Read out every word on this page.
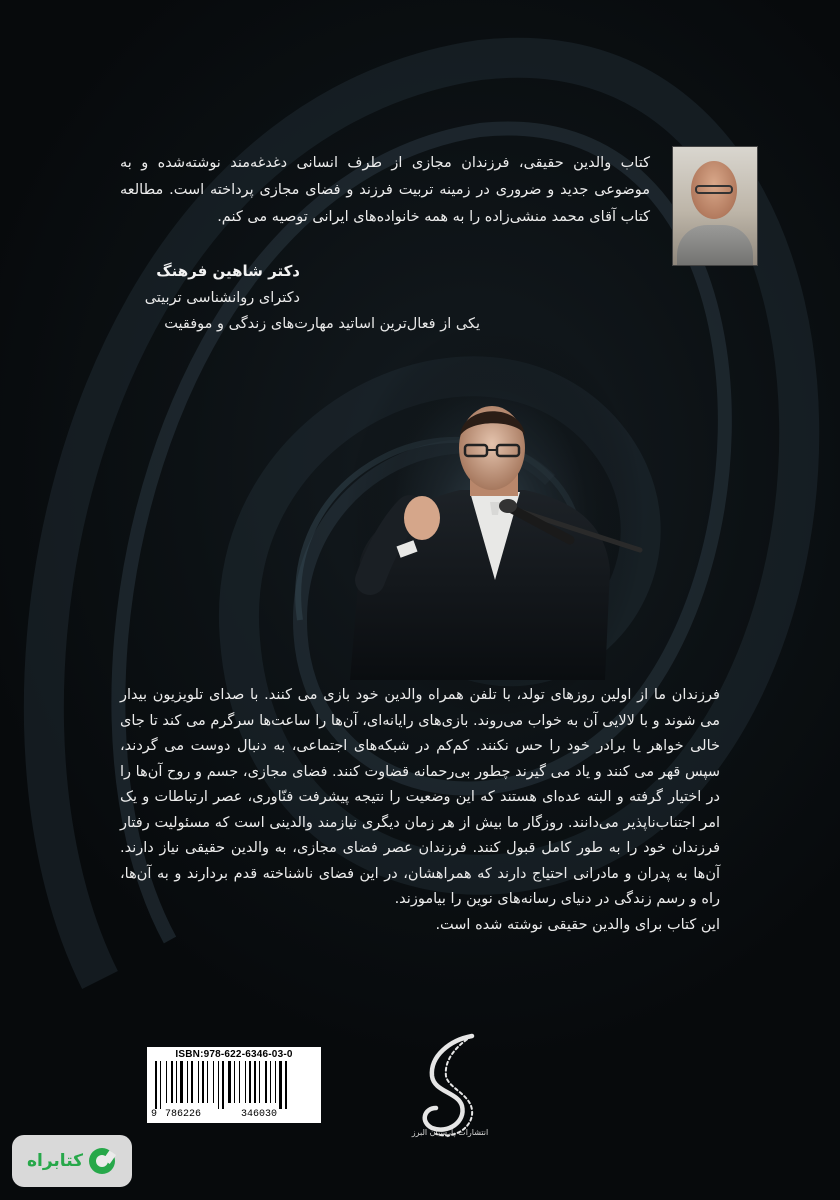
کتاب والدین حقیقی، فرزندان مجازی از طرف انسانی دغدغه‌مند نوشته‌شده و به موضوعی جدید و ضروری در زمینه تربیت فرزند و فضای مجازی پرداخته است. مطالعه کتاب آقای محمد منشی‌زاده را به همه خانواده‌های ایرانی توصیه می کنم.
دکتر شاهین فرهنگ
دکترای روانشناسی تربیتی
یکی از فعال‌ترین اساتید مهارت‌های زندگی و موفقیت

فرزندان ما از اولین روزهای تولد، با تلفن همراه والدین خود بازی می کنند. با صدای تلویزیون بیدار می شوند و با لالایی آن به خواب می‌روند. بازی‌های رایانه‌ای، آن‌ها را ساعت‌ها سرگرم می کند تا جای خالی خواهر یا برادر خود را حس نکنند. کم‌کم در شبکه‌های اجتماعی، به دنبال دوست می گردند، سپس قهر می کنند و یاد می گیرند چطور بی‌رحمانه قضاوت کنند. فضای مجازی، جسم و روح آن‌ها را در اختیار گرفته و البته عده‌ای هستند که این وضعیت را نتیجه پیشرفت فنّاوری، عصر ارتباطات و یک امر اجتناب‌ناپذیر می‌دانند. روزگار ما بیش از هر زمان دیگری نیازمند والدینی است که مسئولیت رفتار فرزندان خود را به طور کامل قبول کنند. فرزندان عصر فضای مجازی، به والدین حقیقی نیاز دارند. آن‌ها به پدران و مادرانی احتیاج دارند که همراهشان، در این فضای ناشناخته قدم بردارند و به آن‌ها، راه و رسم زندگی در دنیای رسانه‌های نوین را بیاموزند.

این کتاب برای والدین حقیقی نوشته شده است.

ISBN:978-622-6346-03-0
9 786226	346030
انتشارات پارسیان البرز
کتابراه
